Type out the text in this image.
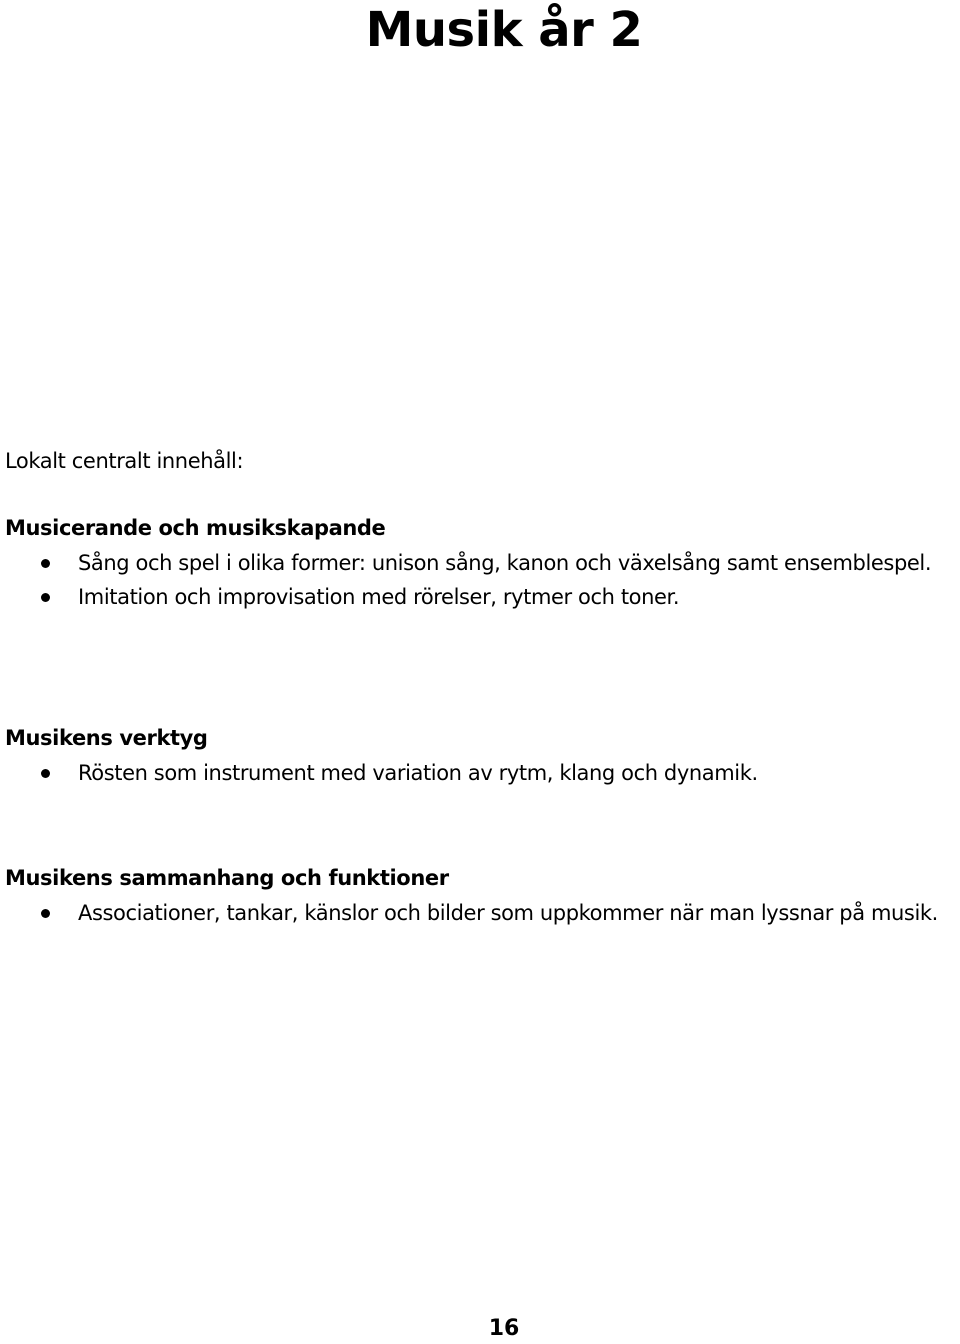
Musik år 2
Lokalt centralt innehåll:
Musicerande och musikskapande
Sång och spel i olika former: unison sång, kanon och växelsång samt ensemblespel.
Imitation och improvisation med rörelser, rytmer och toner.
Musikens verktyg
Rösten som instrument med variation av rytm, klang och dynamik.
Musikens sammanhang och funktioner
Associationer, tankar, känslor och bilder som uppkommer när man lyssnar på musik.
16
